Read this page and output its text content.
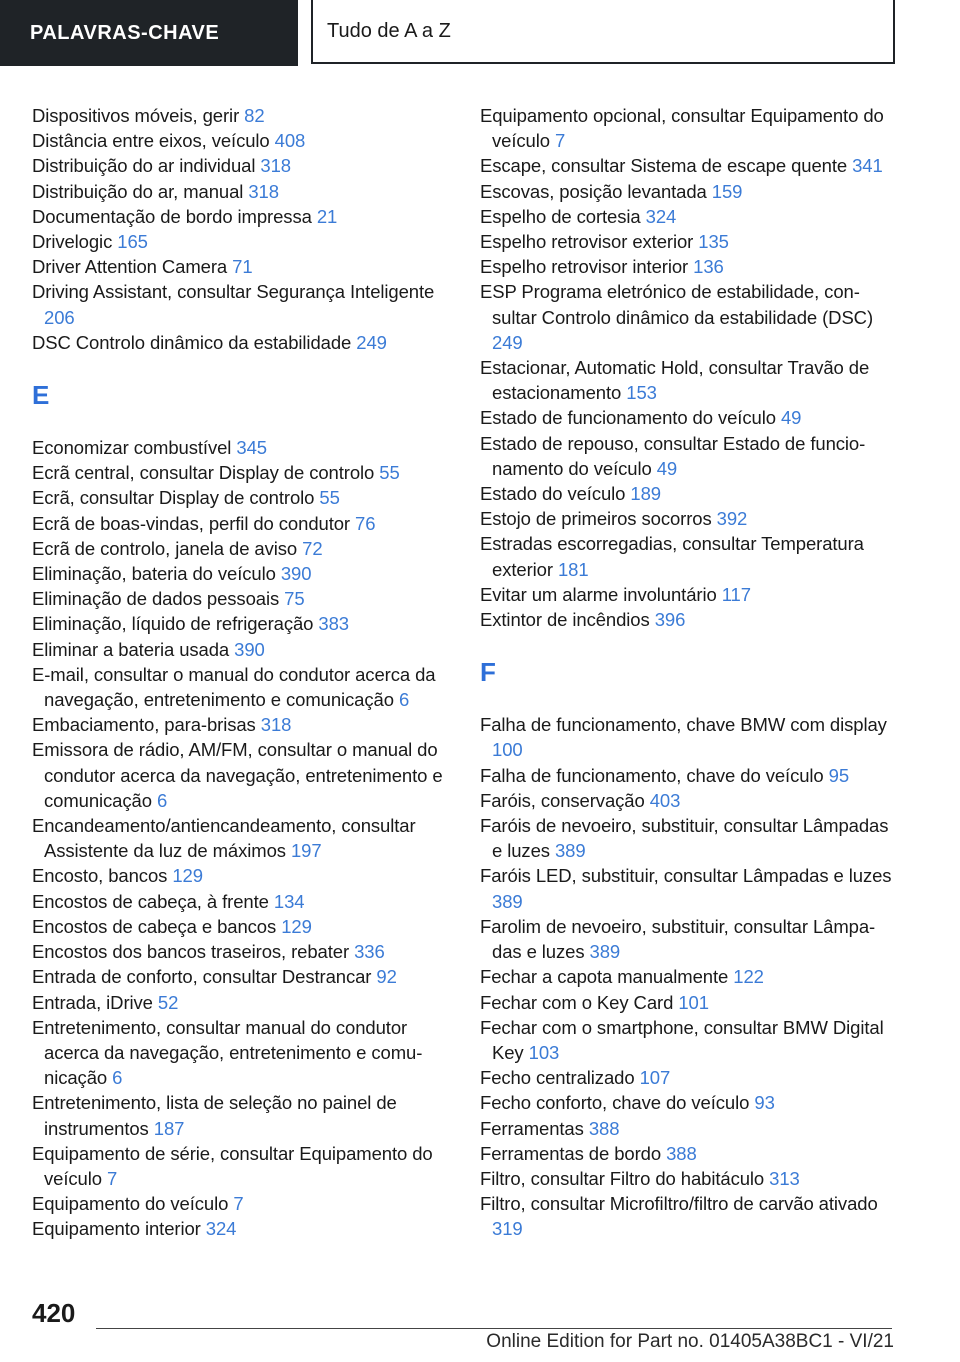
PALAVRAS-CHAVE	Tudo de A a Z
Dispositivos móveis, gerir 82
Distância entre eixos, veículo 408
Distribuição do ar individual 318
Distribuição do ar, manual 318
Documentação de bordo impressa 21
Drivelogic 165
Driver Attention Camera 71
Driving Assistant, consultar Segurança Inteligente 206
DSC Controlo dinâmico da estabilidade 249
E
Economizar combustível 345
Ecrã central, consultar Display de controlo 55
Ecrã, consultar Display de controlo 55
Ecrã de boas-vindas, perfil do condutor 76
Ecrã de controlo, janela de aviso 72
Eliminação, bateria do veículo 390
Eliminação de dados pessoais 75
Eliminação, líquido de refrigeração 383
Eliminar a bateria usada 390
E-mail, consultar o manual do condutor acerca da navegação, entretenimento e comunicação 6
Embaciamento, para-brisas 318
Emissora de rádio, AM/FM, consultar o manual do condutor acerca da navegação, entretenimento e comunicação 6
Encandeamento/antiencandeamento, consultar Assistente da luz de máximos 197
Encosto, bancos 129
Encostos de cabeça, à frente 134
Encostos de cabeça e bancos 129
Encostos dos bancos traseiros, rebater 336
Entrada de conforto, consultar Destrancar 92
Entrada, iDrive 52
Entretenimento, consultar manual do condutor acerca da navegação, entretenimento e comunicação 6
Entretenimento, lista de seleção no painel de instrumentos 187
Equipamento de série, consultar Equipamento do veículo 7
Equipamento do veículo 7
Equipamento interior 324
Equipamento opcional, consultar Equipamento do veículo 7
Escape, consultar Sistema de escape quente 341
Escovas, posição levantada 159
Espelho de cortesia 324
Espelho retrovisor exterior 135
Espelho retrovisor interior 136
ESP Programa eletrónico de estabilidade, consultar Controlo dinâmico da estabilidade (DSC) 249
Estacionar, Automatic Hold, consultar Travão de estacionamento 153
Estado de funcionamento do veículo 49
Estado de repouso, consultar Estado de funcionamento do veículo 49
Estado do veículo 189
Estojo de primeiros socorros 392
Estradas escorregadias, consultar Temperatura exterior 181
Evitar um alarme involuntário 117
Extintor de incêndios 396
F
Falha de funcionamento, chave BMW com display 100
Falha de funcionamento, chave do veículo 95
Faróis, conservação 403
Faróis de nevoeiro, substituir, consultar Lâmpadas e luzes 389
Faróis LED, substituir, consultar Lâmpadas e luzes 389
Farolim de nevoeiro, substituir, consultar Lâmpadas e luzes 389
Fechar a capota manualmente 122
Fechar com o Key Card 101
Fechar com o smartphone, consultar BMW Digital Key 103
Fecho centralizado 107
Fecho conforto, chave do veículo 93
Ferramentas 388
Ferramentas de bordo 388
Filtro, consultar Filtro do habitáculo 313
Filtro, consultar Microfiltro/filtro de carvão ativado 319
420
Online Edition for Part no. 01405A38BC1 - VI/21
